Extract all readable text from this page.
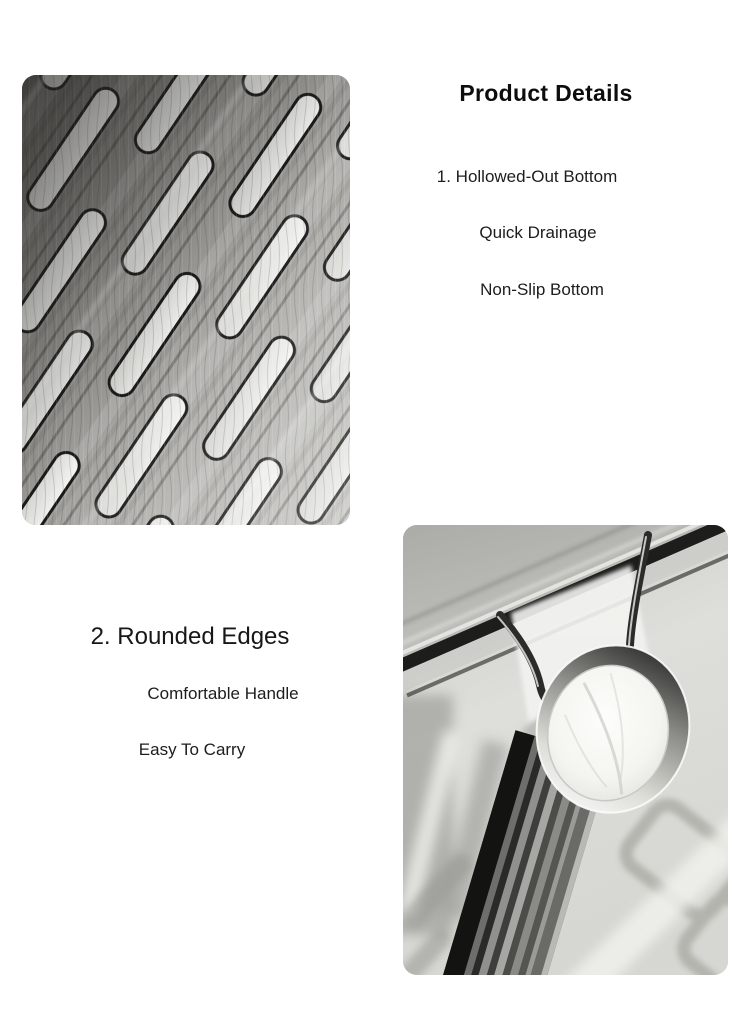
Product Details
1. Hollowed-Out Bottom
Quick Drainage
Non-Slip Bottom
2. Rounded Edges
Comfortable Handle
Easy To Carry
